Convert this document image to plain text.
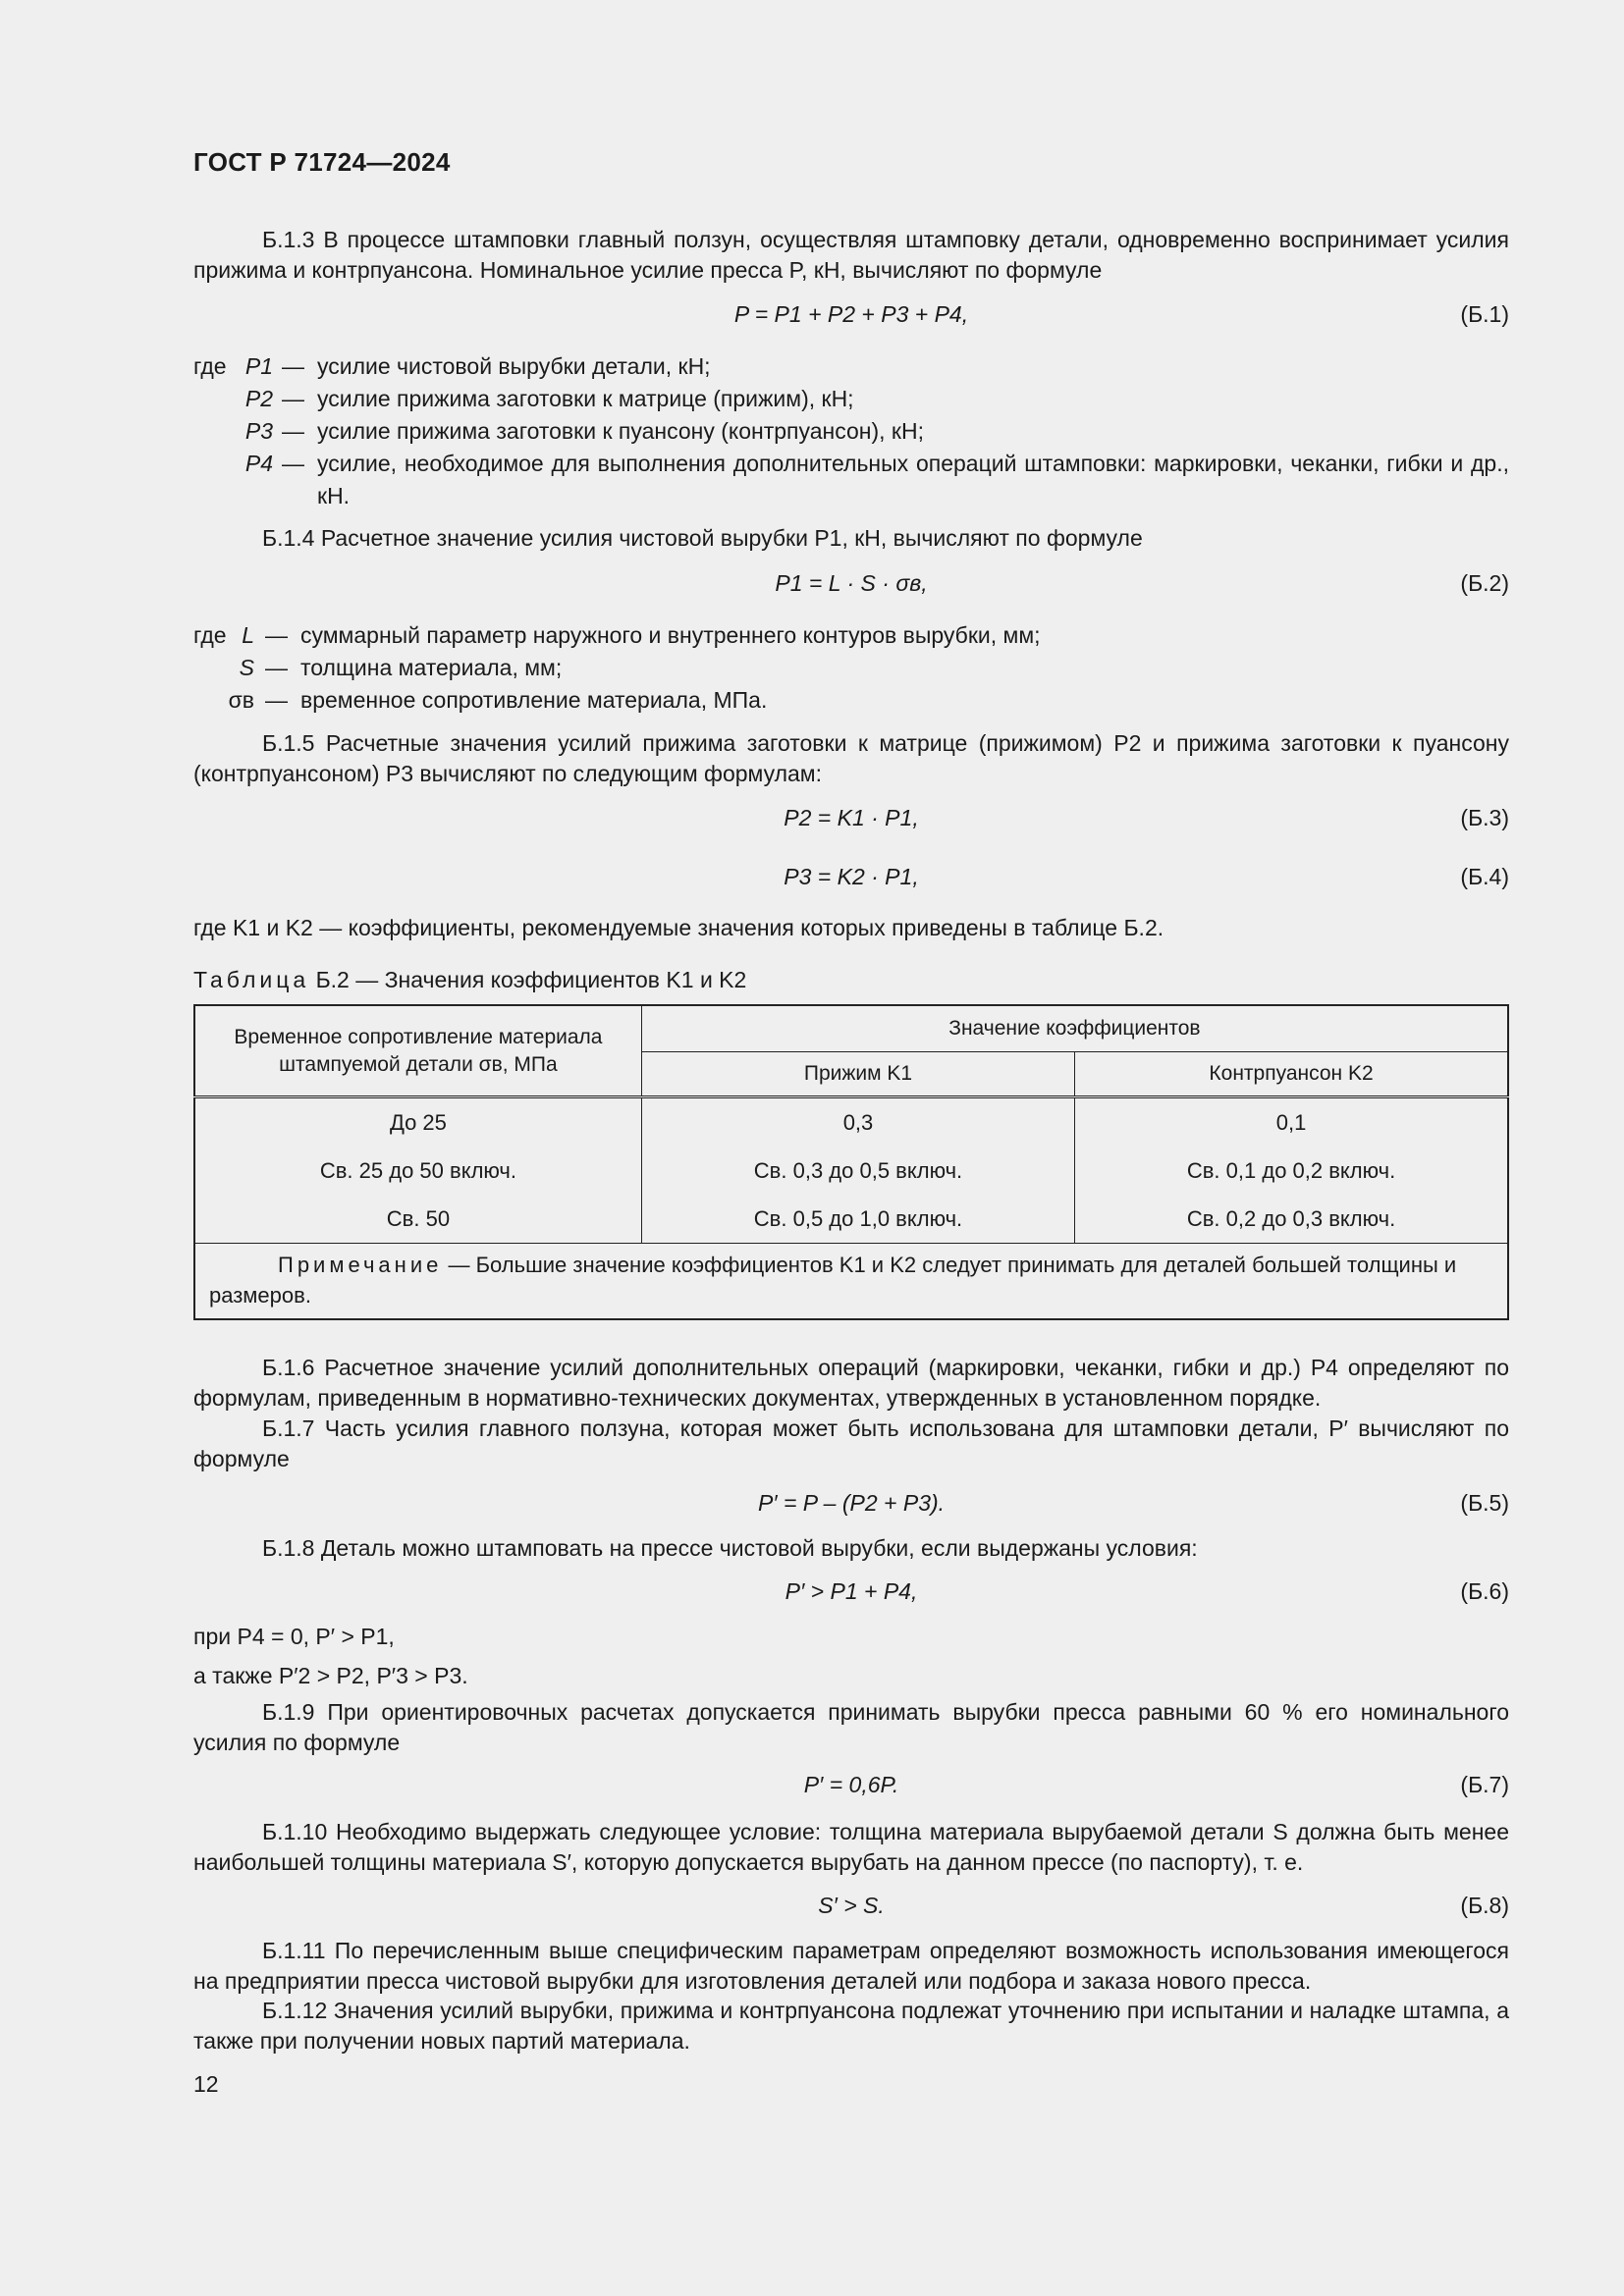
ГОСТ Р 71724—2024
Б.1.3 В процессе штамповки главный ползун, осуществляя штамповку детали, одновременно воспринимает усилия прижима и контрпуансона. Номинальное усилие пресса P, кН, вычисляют по формуле
P = P1 + P2 + P3 + P4,	(Б.1)
где P1 — усилие чистовой вырубки детали, кН;
P2 — усилие прижима заготовки к матрице (прижим), кН;
P3 — усилие прижима заготовки к пуансону (контрпуансон), кН;
P4 — усилие, необходимое для выполнения дополнительных операций штамповки: маркировки, чеканки, гибки и др., кН.
Б.1.4 Расчетное значение усилия чистовой вырубки P1, кН, вычисляют по формуле
P1 = L · S · σв,	(Б.2)
где L — суммарный параметр наружного и внутреннего контуров вырубки, мм;
S — толщина материала, мм;
σв — временное сопротивление материала, МПа.
Б.1.5 Расчетные значения усилий прижима заготовки к матрице (прижимом) P2 и прижима заготовки к пуансону (контрпуансоном) P3 вычисляют по следующим формулам:
P2 = K1 · P1,	(Б.3)
P3 = K2 · P1,	(Б.4)
где K1 и K2 — коэффициенты, рекомендуемые значения которых приведены в таблице Б.2.
Таблица Б.2 — Значения коэффициентов K1 и K2
Временное сопротивление материала штампуемой детали σв, МПа	Значение коэффициентов	
	Прижим K1	Контрпуансон K2
До 25	0,3	0,1
Св. 25 до 50 включ.	Св. 0,3 до 0,5 включ.	Св. 0,1 до 0,2 включ.
Св. 50	Св. 0,5 до 1,0 включ.	Св. 0,2 до 0,3 включ.
Примечание — Большие значение коэффициентов K1 и K2 следует принимать для деталей большей толщины и размеров.		
Б.1.6 Расчетное значение усилий дополнительных операций (маркировки, чеканки, гибки и др.) P4 определяют по формулам, приведенным в нормативно-технических документах, утвержденных в установленном порядке.
Б.1.7 Часть усилия главного ползуна, которая может быть использована для штамповки детали, P′ вычисляют по формуле
P′ = P – (P2 + P3).	(Б.5)
Б.1.8 Деталь можно штамповать на прессе чистовой вырубки, если выдержаны условия:
P′ > P1 + P4,	(Б.6)
при P4 = 0, P′ > P1,
а также P′2 > P2, P′3 > P3.
Б.1.9 При ориентировочных расчетах допускается принимать вырубки пресса равными 60 % его номинального усилия по формуле
P′ = 0,6P.	(Б.7)
Б.1.10 Необходимо выдержать следующее условие: толщина материала вырубаемой детали S должна быть менее наибольшей толщины материала S′, которую допускается вырубать на данном прессе (по паспорту), т. е.
S′ > S.	(Б.8)
Б.1.11 По перечисленным выше специфическим параметрам определяют возможность использования имеющегося на предприятии пресса чистовой вырубки для изготовления деталей или подбора и заказа нового пресса.
Б.1.12 Значения усилий вырубки, прижима и контрпуансона подлежат уточнению при испытании и наладке штампа, а также при получении новых партий материала.
12
